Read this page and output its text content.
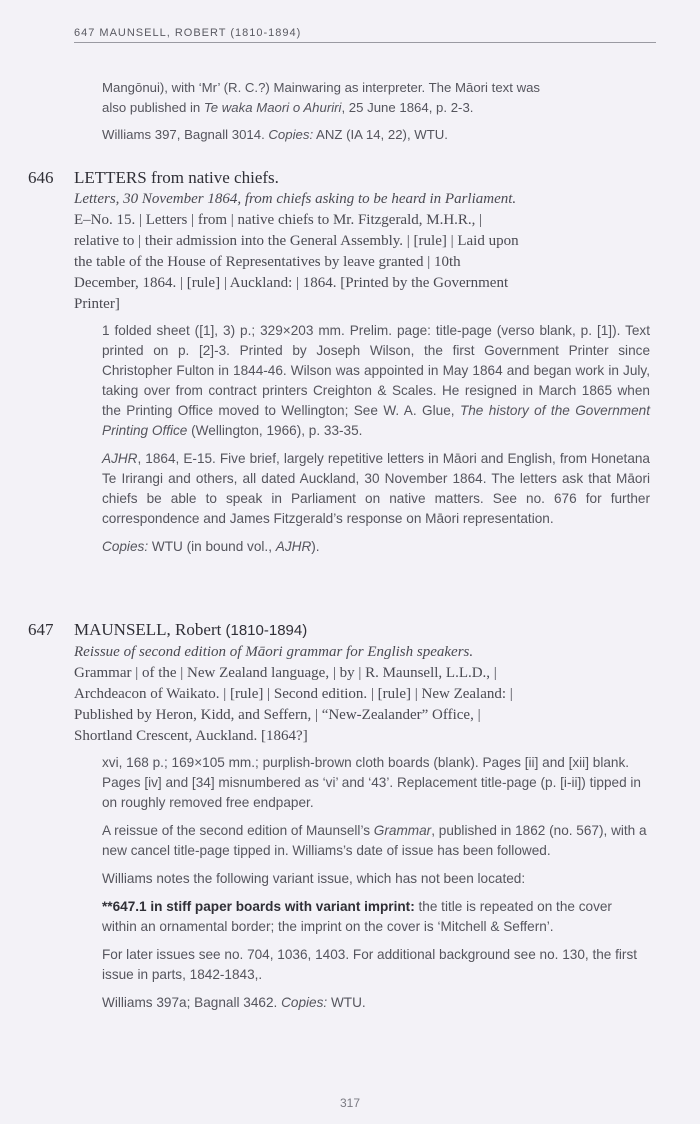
647 MAUNSELL, ROBERT (1810-1894)

Mangōnui), with ‘Mr’ (R. C.?) Mainwaring as interpreter. The Māori text was
also published in Te waka Maori o Ahuriri, 25 June 1864, p. 2-3.

Williams 397, Bagnall 3014. Copies: ANZ (IA 14, 22), WTU.

646 LETTERS from native chiefs.

Letters, 30 November 1864, from chiefs asking to be heard in Parliament.
E–No. 15. | Letters | from | native chiefs to Mr. Fitzgerald, M.H.R., |
relative to | their admission into the General Assembly. | [rule] | Laid upon
the table of the House of Representatives by leave granted | 10th
December, 1864. | [rule] | Auckland: | 1864. [Printed by the Government
Printer]

1 folded sheet ([1], 3) p.; 329×203 mm. Prelim. page: title-page (verso blank, p. [1]). Text printed on p. [2]-3. Printed by Joseph Wilson, the first Government Printer since Christopher Fulton in 1844-46. Wilson was appointed in May 1864 and began work in July, taking over from contract printers Creighton & Scales. He resigned in March 1865 when the Printing Office moved to Wellington; See W. A. Glue, The history of the Government Printing Office (Wellington, 1966), p. 33-35.

AJHR, 1864, E-15. Five brief, largely repetitive letters in Māori and English, from Honetana Te Irirangi and others, all dated Auckland, 30 November 1864. The letters ask that Māori chiefs be able to speak in Parliament on native matters. See no. 676 for further correspondence and James Fitzgerald’s response on Māori representation.

Copies: WTU (in bound vol., AJHR).

647 MAUNSELL, Robert (1810-1894)

Reissue of second edition of Māori grammar for English speakers.
Grammar | of the | New Zealand language, | by | R. Maunsell, L.L.D., |
Archdeacon of Waikato. | [rule] | Second edition. | [rule] | New Zealand: |
Published by Heron, Kidd, and Seffern, | “New-Zealander” Office, |
Shortland Crescent, Auckland. [1864?]

xvi, 168 p.; 169×105 mm.; purplish-brown cloth boards (blank). Pages [ii] and [xii] blank. Pages [iv] and [34] misnumbered as ‘vi’ and ‘43’. Replacement title-page (p. [i-ii]) tipped in on roughly removed free endpaper.

A reissue of the second edition of Maunsell’s Grammar, published in 1862 (no. 567), with a new cancel title-page tipped in. Williams’s date of issue has been followed.

Williams notes the following variant issue, which has not been located:

**647.1 in stiff paper boards with variant imprint: the title is repeated on the cover within an ornamental border; the imprint on the cover is ‘Mitchell & Seffern’.

For later issues see no. 704, 1036, 1403. For additional background see no. 130, the first issue in parts, 1842-1843,.

Williams 397a; Bagnall 3462. Copies: WTU.

317
